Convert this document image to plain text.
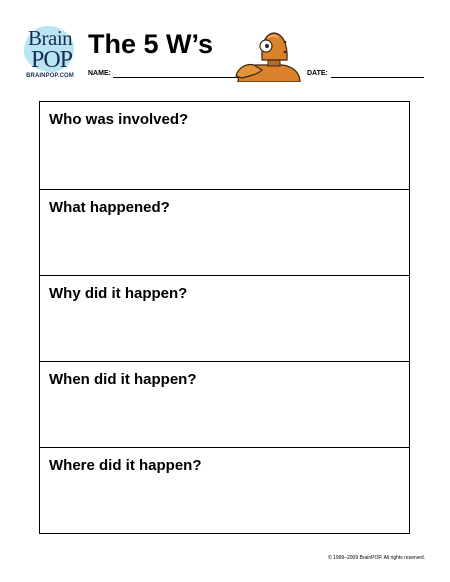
Brain
POP
BRAINPOP.COM
The 5 W’s
NAME:	DATE:
Who was involved?
What happened?
Why did it happen?
When did it happen?
Where did it happen?
© 1999–2009 BrainPOP. All rights reserved.
